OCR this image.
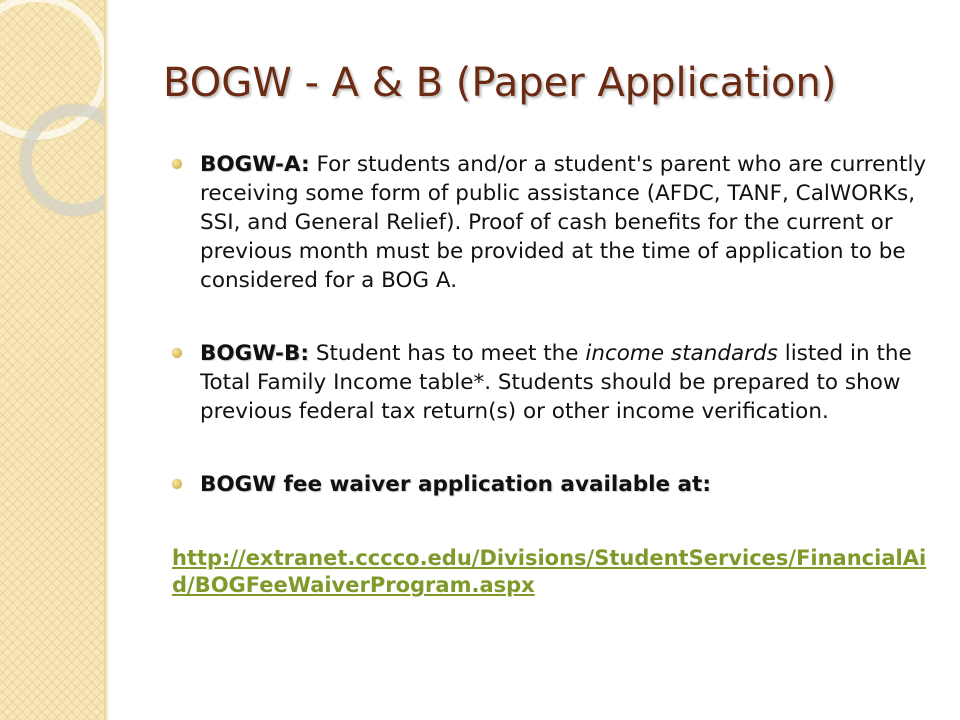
BOGW - A & B (Paper Application)

BOGW-A: For students and/or a student's parent who are currently receiving some form of public assistance (AFDC, TANF, CalWORKs, SSI, and General Relief). Proof of cash benefits for the current or previous month must be provided at the time of application to be considered for a BOG A.

BOGW-B: Student has to meet the income standards listed in the Total Family Income table*. Students should be prepared to show previous federal tax return(s) or other income verification.

BOGW fee waiver application available at:

http://extranet.cccco.edu/Divisions/StudentServices/FinancialAid/BOGFeeWaiverProgram.aspx
